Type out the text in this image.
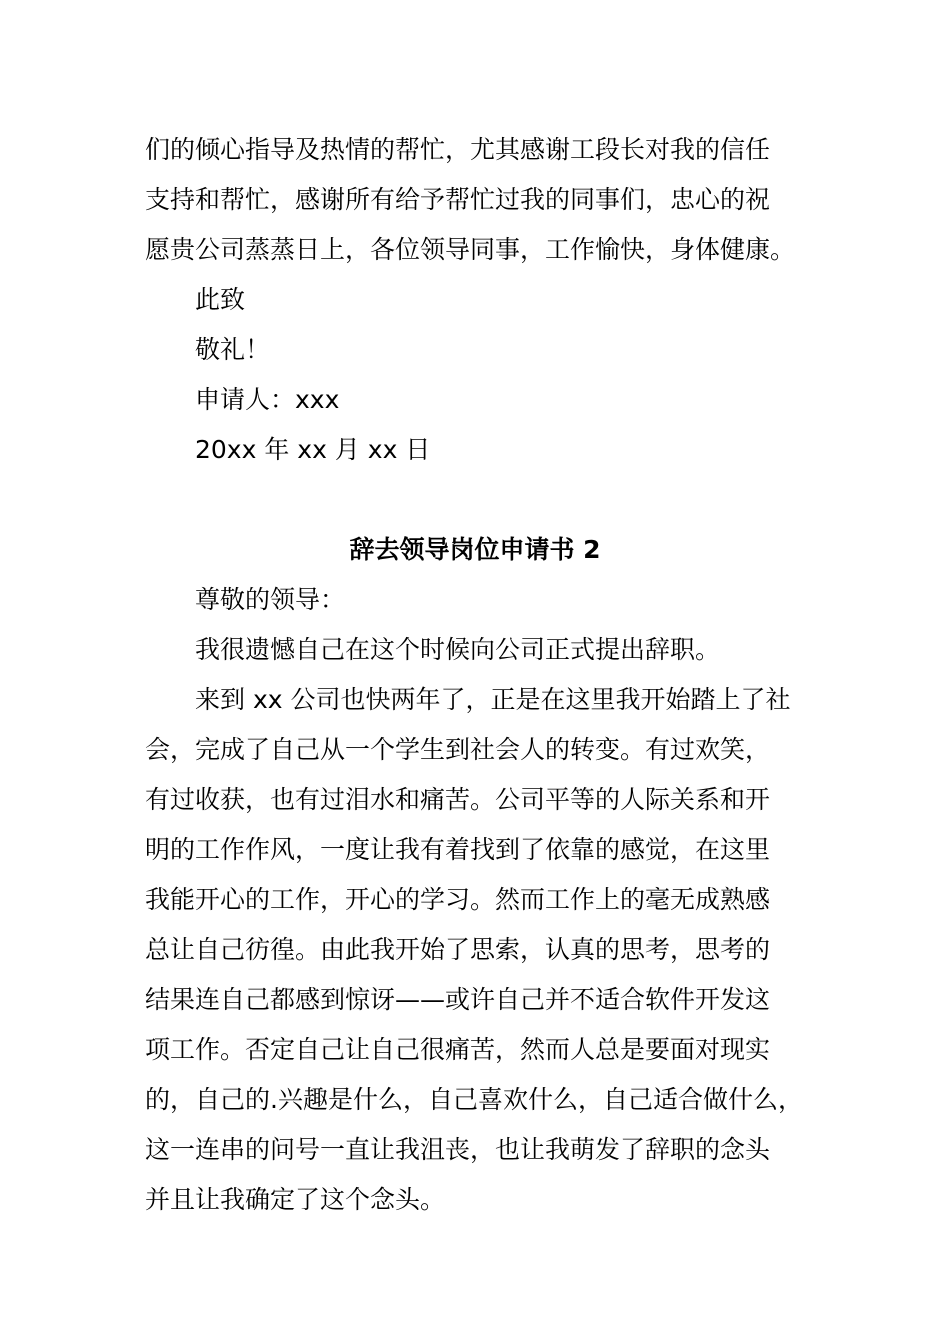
们的倾心指导及热情的帮忙，尤其感谢工段长对我的信任

支持和帮忙，感谢所有给予帮忙过我的同事们，忠心的祝

愿贵公司蒸蒸日上，各位领导同事，工作愉快，身体健康。

此致

敬礼！

申请人：xxx

20xx 年 xx 月 xx 日

辞去领导岗位申请书 2

尊敬的领导：

我很遗憾自己在这个时候向公司正式提出辞职。

来到 xx 公司也快两年了，正是在这里我开始踏上了社

会，完成了自己从一个学生到社会人的转变。有过欢笑，

有过收获，也有过泪水和痛苦。公司平等的人际关系和开

明的工作作风，一度让我有着找到了依靠的感觉，在这里

我能开心的工作，开心的学习。然而工作上的毫无成熟感

总让自己彷徨。由此我开始了思索，认真的思考，思考的

结果连自己都感到惊讶——或许自己并不适合软件开发这

项工作。否定自己让自己很痛苦，然而人总是要面对现实

的，自己的.兴趣是什么，自己喜欢什么，自己适合做什么，

这一连串的问号一直让我沮丧，也让我萌发了辞职的念头

并且让我确定了这个念头。
